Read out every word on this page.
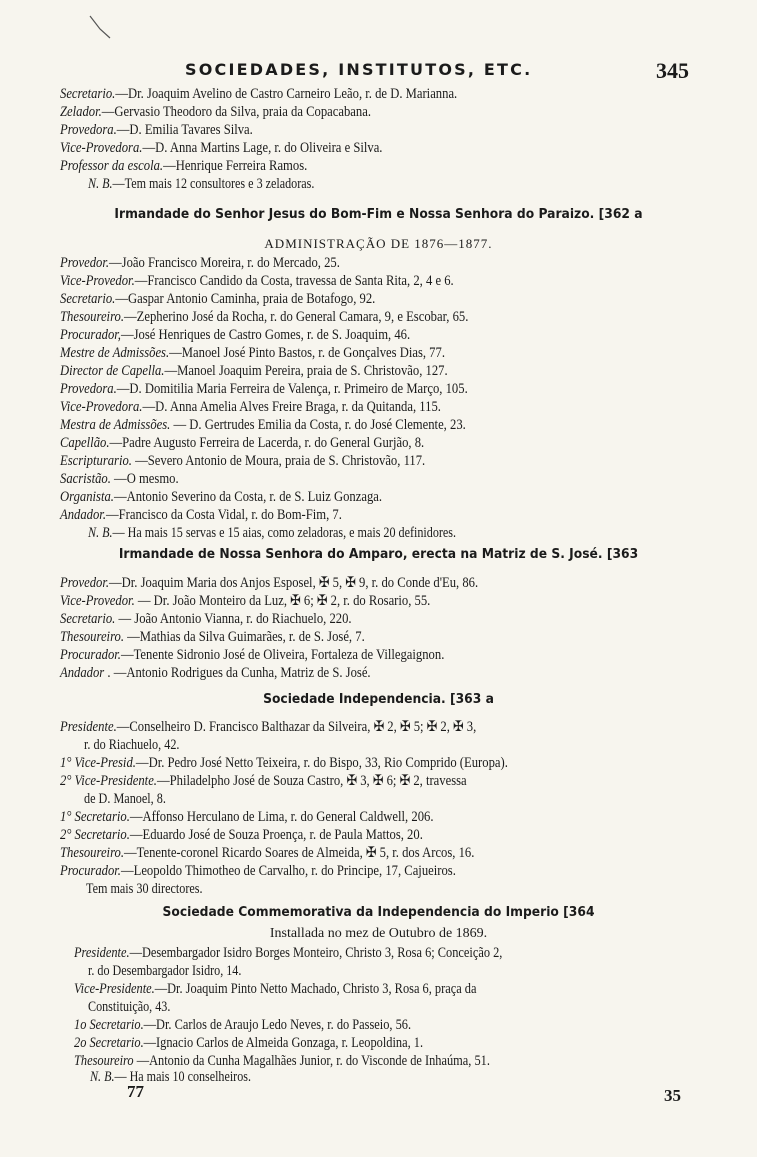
SOCIEDADES, INSTITUTOS, ETC.	345
Secretario.—Dr. Joaquim Avelino de Castro Carneiro Leão, r. de D. Marianna.
Zelador.—Gervasio Theodoro da Silva, praia da Copacabana.
Provedora.—D. Emilia Tavares Silva.
Vice-Provedora.—D. Anna Martins Lage, r. do Oliveira e Silva.
Professor da escola.—Henrique Ferreira Ramos.
N. B.—Tem mais 12 consultores e 3 zeladoras.
Irmandade do Senhor Jesus do Bom-Fim e Nossa Senhora do Paraizo. [362 a
ADMINISTRAÇÃO DE 1876—1877.
Provedor.—João Francisco Moreira, r. do Mercado, 25.
Vice-Provedor.—Francisco Candido da Costa, travessa de Santa Rita, 2, 4 e 6.
Secretario.—Gaspar Antonio Caminha, praia de Botafogo, 92.
Thesoureiro.—Zepherino José da Rocha, r. do General Camara, 9, e Escobar, 65.
Procurador,—José Henriques de Castro Gomes, r. de S. Joaquim, 46.
Mestre de Admissões.—Manoel José Pinto Bastos, r. de Gonçalves Dias, 77.
Director de Capella.—Manoel Joaquim Pereira, praia de S. Christovão, 127.
Provedora.—D. Domitilia Maria Ferreira de Valença, r. Primeiro de Março, 105.
Vice-Provedora.—D. Anna Amelia Alves Freire Braga, r. da Quitanda, 115.
Mestra de Admissões. — D. Gertrudes Emilia da Costa, r. do José Clemente, 23.
Capellão.—Padre Augusto Ferreira de Lacerda, r. do General Gurjão, 8.
Escripturario. —Severo Antonio de Moura, praia de S. Christovão, 117.
Sacristão. —O mesmo.
Organista.—Antonio Severino da Costa, r. de S. Luiz Gonzaga.
Andador.—Francisco da Costa Vidal, r. do Bom-Fim, 7.
N. B.— Ha mais 15 servas e 15 aias, como zeladoras, e mais 20 definidores.
Irmandade de Nossa Senhora do Amparo, erecta na Matriz de S. José. [363
Provedor.—Dr. Joaquim Maria dos Anjos Esposel, ✠ 5, ✠ 9, r. do Conde d'Eu, 86.
Vice-Provedor. — Dr. João Monteiro da Luz, ✠ 6; ✠ 2, r. do Rosario, 55.
Secretario. — João Antonio Vianna, r. do Riachuelo, 220.
Thesoureiro. —Mathias da Silva Guimarães, r. de S. José, 7.
Procurador.—Tenente Sidronio José de Oliveira, Fortaleza de Villegaignon.
Andador . —Antonio Rodrigues da Cunha, Matriz de S. José.
Sociedade Independencia. [363 a
Presidente.—Conselheiro D. Francisco Balthazar da Silveira, ✠ 2, ✠ 5; ✠ 2, ✠ 3,
r. do Riachuelo, 42.
1° Vice-Presid.—Dr. Pedro José Netto Teixeira, r. do Bispo, 33, Rio Comprido (Europa).
2° Vice-Presidente.—Philadelpho José de Souza Castro, ✠ 3, ✠ 6; ✠ 2, travessa
de D. Manoel, 8.
1° Secretario.—Affonso Herculano de Lima, r. do General Caldwell, 206.
2° Secretario.—Eduardo José de Souza Proença, r. de Paula Mattos, 20.
Thesoureiro.—Tenente-coronel Ricardo Soares de Almeida, ✠ 5, r. dos Arcos, 16.
Procurador.—Leopoldo Thimotheo de Carvalho, r. do Principe, 17, Cajueiros.
Tem mais 30 directores.
Sociedade Commemorativa da Independencia do Imperio [364
Installada no mez de Outubro de 1869.
Presidente.—Desembargador Isidro Borges Monteiro, Christo 3, Rosa 6; Conceição 2,
r. do Desembargador Isidro, 14.
Vice-Presidente.—Dr. Joaquim Pinto Netto Machado, Christo 3, Rosa 6, praça da
Constituição, 43.
1o Secretario.—Dr. Carlos de Araujo Ledo Neves, r. do Passeio, 56.
2o Secretario.—Ignacio Carlos de Almeida Gonzaga, r. Leopoldina, 1.
Thesoureiro —Antonio da Cunha Magalhães Junior, r. do Visconde de Inhaúma, 51.
N. B.— Ha mais 10 conselheiros.
77	35
